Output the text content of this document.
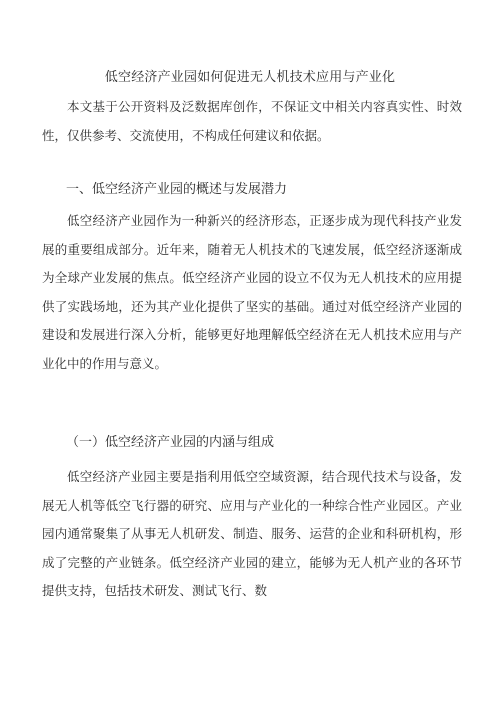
低空经济产业园如何促进无人机技术应用与产业化

本文基于公开资料及泛数据库创作，不保证文中相关内容真实性、时效性，仅供参考、交流使用，不构成任何建议和依据。

一、低空经济产业园的概述与发展潜力

低空经济产业园作为一种新兴的经济形态，正逐步成为现代科技产业发展的重要组成部分。近年来，随着无人机技术的飞速发展，低空经济逐渐成为全球产业发展的焦点。低空经济产业园的设立不仅为无人机技术的应用提供了实践场地，还为其产业化提供了坚实的基础。通过对低空经济产业园的建设和发展进行深入分析，能够更好地理解低空经济在无人机技术应用与产业化中的作用与意义。

（一）低空经济产业园的内涵与组成

低空经济产业园主要是指利用低空空域资源，结合现代技术与设备，发展无人机等低空飞行器的研究、应用与产业化的一种综合性产业园区。产业园内通常聚集了从事无人机研发、制造、服务、运营的企业和科研机构，形成了完整的产业链条。低空经济产业园的建立，能够为无人机产业的各环节提供支持，包括技术研发、测试飞行、数
